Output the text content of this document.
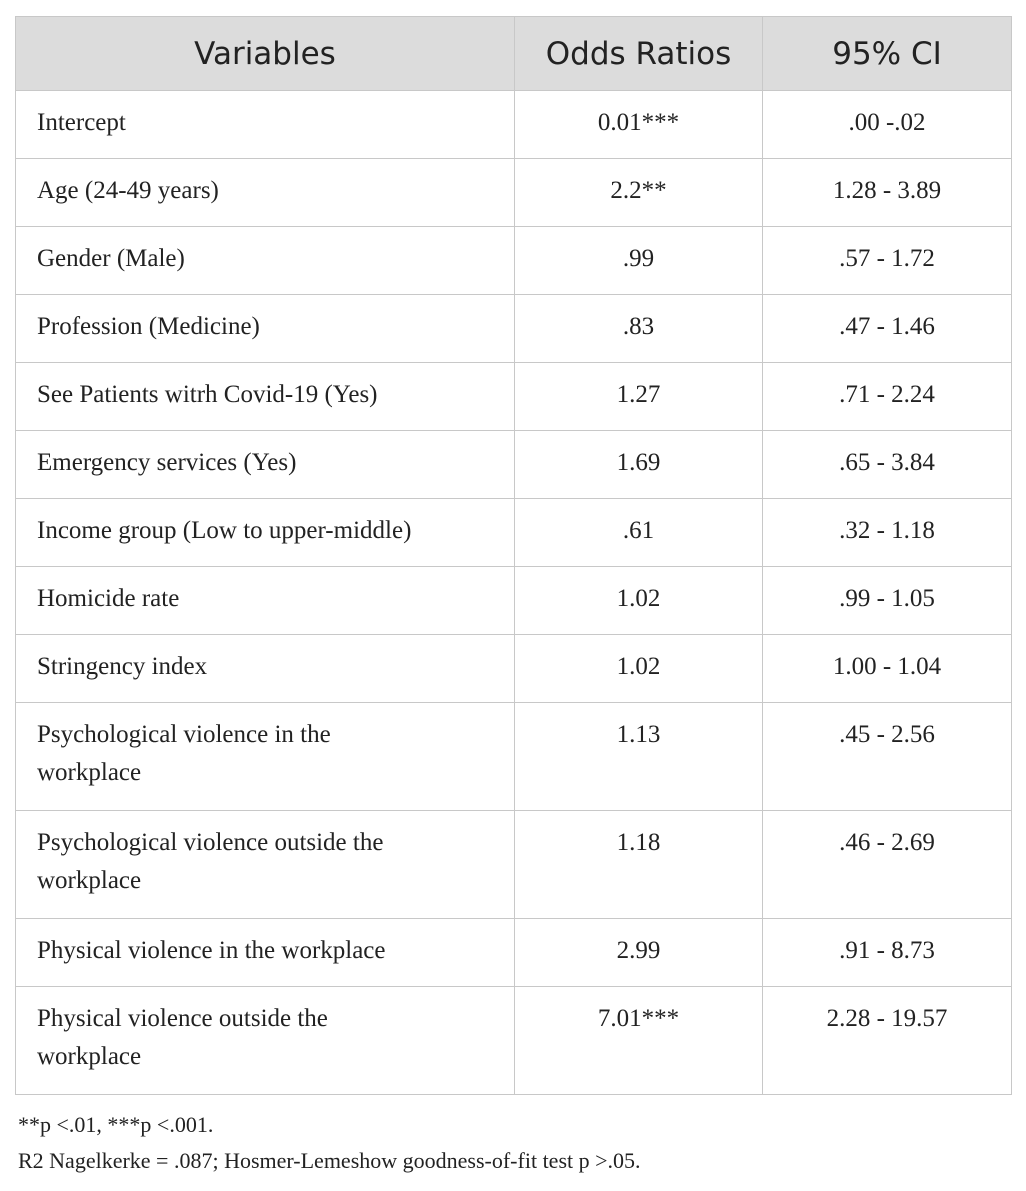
Variables	Odds Ratios	95% CI
Intercept	0.01***	.00 -.02
Age (24-49 years)	2.2**	1.28 - 3.89
Gender (Male)	.99	.57 - 1.72
Profession (Medicine)	.83	.47 - 1.46
See Patients witrh Covid-19 (Yes)	1.27	.71 - 2.24
Emergency services (Yes)	1.69	.65 - 3.84
Income group (Low to upper-middle)	.61	.32 - 1.18
Homicide rate	1.02	.99 - 1.05
Stringency index	1.02	1.00 - 1.04

Psychological violence in the workplace	1.13	.45 - 2.56

Psychological violence outside the workplace	1.18	.46 - 2.69
Physical violence in the workplace	2.99	.91 - 8.73

Physical violence outside the workplace	7.01***	2.28 - 19.57
**p <.01, ***p <.001.
R2 Nagelkerke = .087; Hosmer-Lemeshow goodness-of-fit test p >.05.
